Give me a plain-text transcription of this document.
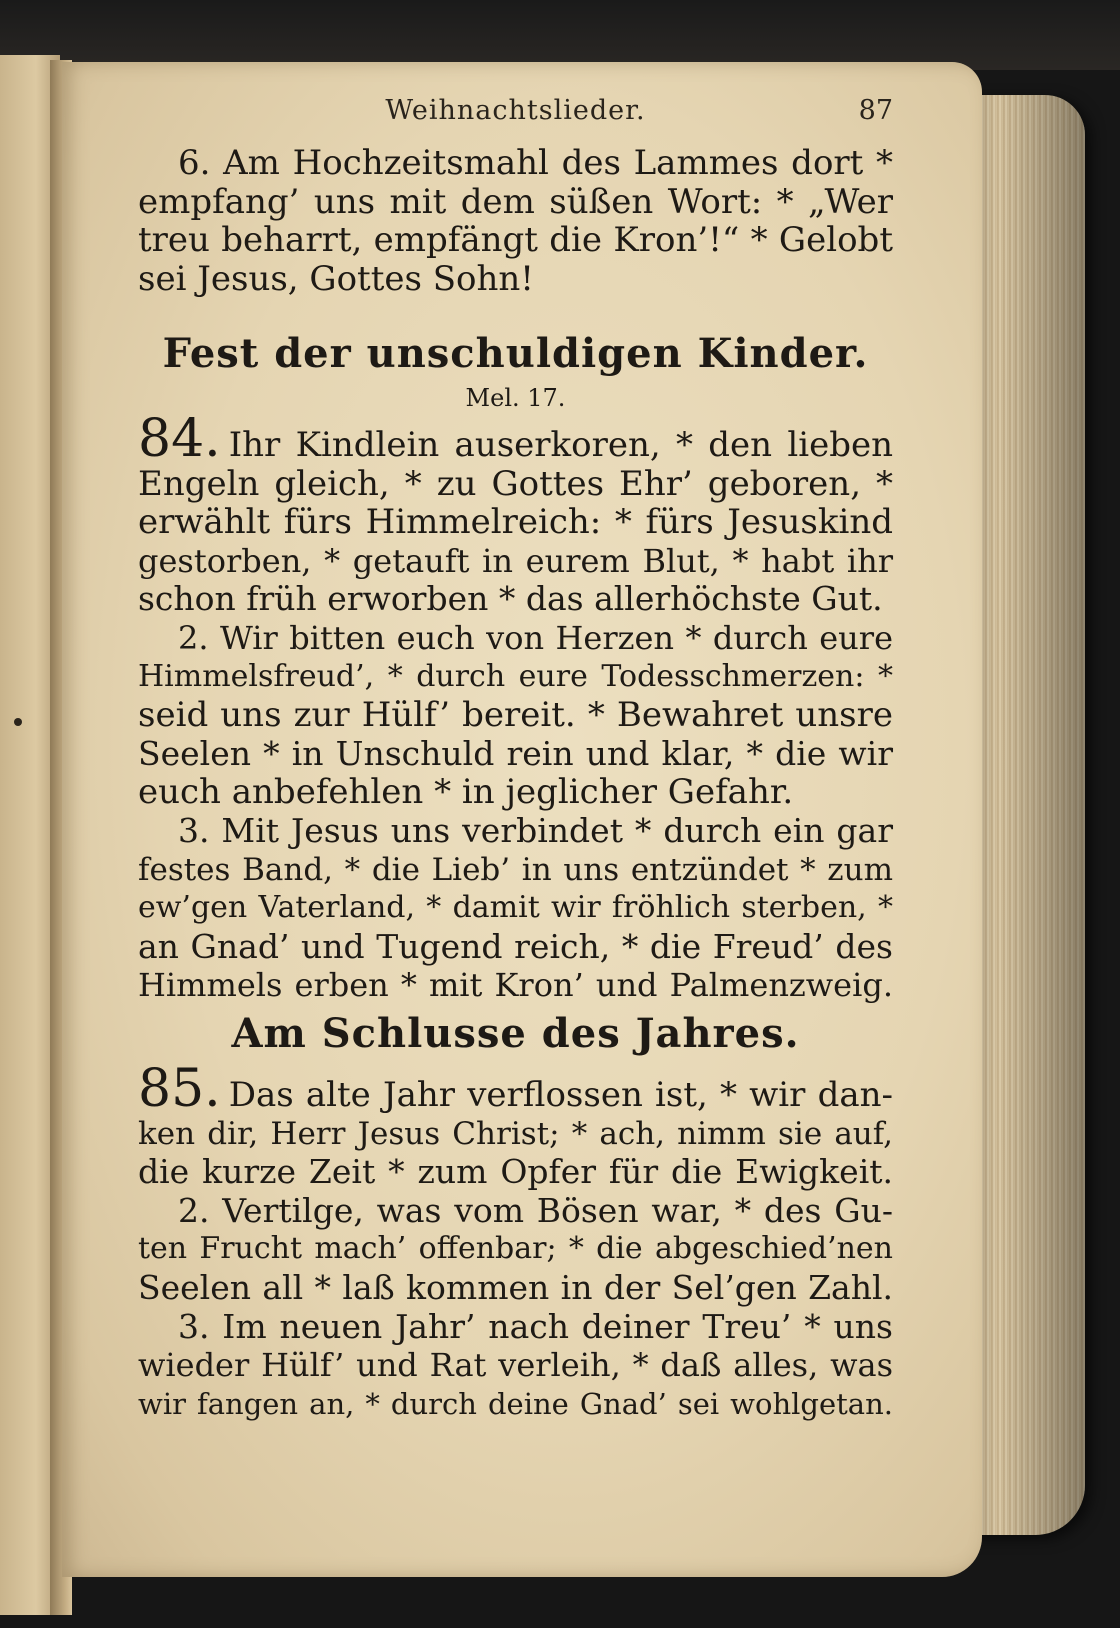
Weihnachtslieder.	87
6. Am Hochzeitsmahl des Lammes dort *
empfang’ uns mit dem süßen Wort: * „Wer
treu beharrt, empfängt die Kron’!“ * Gelobt
sei Jesus, Gottes Sohn!
Fest der unschuldigen Kinder.
Mel. 17.
84. Ihr Kindlein auserkoren, * den lieben
Engeln gleich, * zu Gottes Ehr’ geboren, *
erwählt fürs Himmelreich: * fürs Jesuskind
gestorben, * getauft in eurem Blut, * habt ihr
schon früh erworben * das allerhöchste Gut.
2. Wir bitten euch von Herzen * durch eure
Himmelsfreud’, * durch eure Todesschmerzen: *
seid uns zur Hülf’ bereit. * Bewahret unsre
Seelen * in Unschuld rein und klar, * die wir
euch anbefehlen * in jeglicher Gefahr.
3. Mit Jesus uns verbindet * durch ein gar
festes Band, * die Lieb’ in uns entzündet * zum
ew’gen Vaterland, * damit wir fröhlich sterben, *
an Gnad’ und Tugend reich, * die Freud’ des
Himmels erben * mit Kron’ und Palmenzweig.
Am Schlusse des Jahres.
85. Das alte Jahr verflossen ist, * wir dan-
ken dir, Herr Jesus Christ; * ach, nimm sie auf,
die kurze Zeit * zum Opfer für die Ewigkeit.
2. Vertilge, was vom Bösen war, * des Gu-
ten Frucht mach’ offenbar; * die abgeschied’nen
Seelen all * laß kommen in der Sel’gen Zahl.
3. Im neuen Jahr’ nach deiner Treu’ * uns
wieder Hülf’ und Rat verleih, * daß alles, was
wir fangen an, * durch deine Gnad’ sei wohlgetan.
